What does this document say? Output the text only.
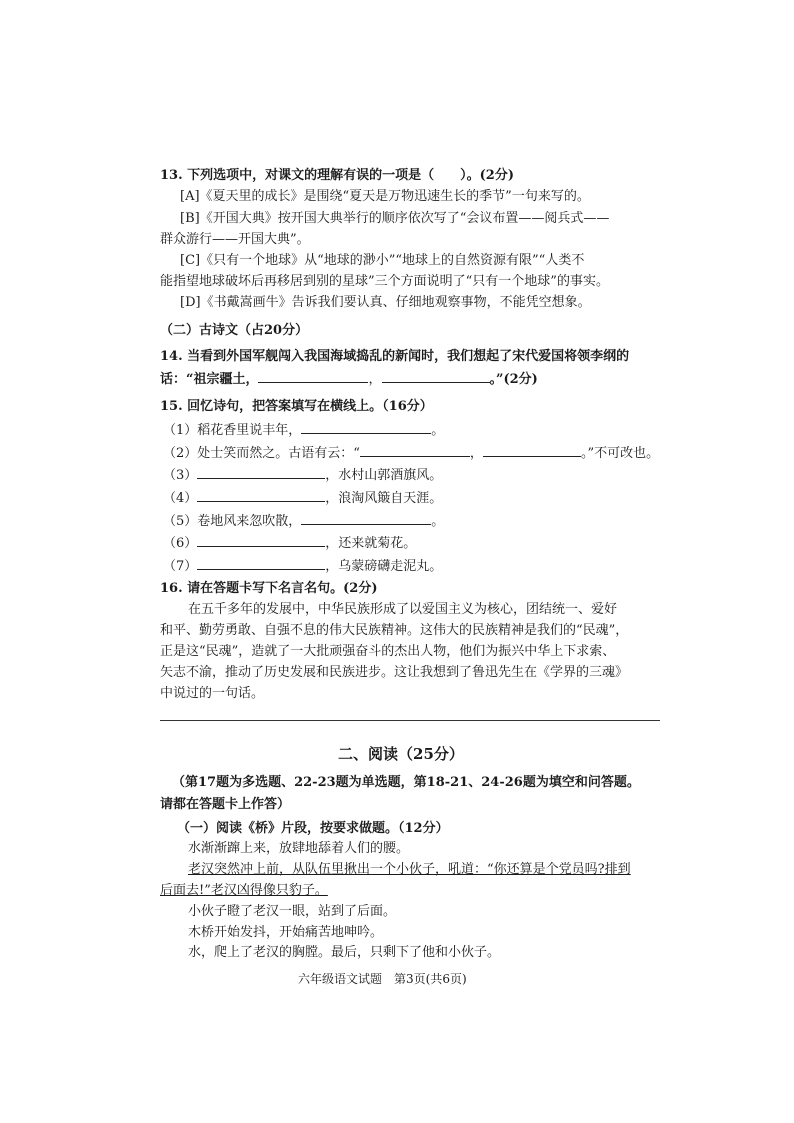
13. 下列选项中，对课文的理解有误的一项是（　　）。(2分)
[A]《夏天里的成长》是围绕“夏天是万物迅速生长的季节”一句来写的。
[B]《开国大典》按开国大典举行的顺序依次写了“会议布置——阅兵式——
群众游行——开国大典”。
[C]《只有一个地球》从“地球的渺小”“地球上的自然资源有限”“人类不
能指望地球破坏后再移居到别的星球”三个方面说明了“只有一个地球”的事实。
[D]《书戴嵩画牛》告诉我们要认真、仔细地观察事物，不能凭空想象。
（二）古诗文（占20分）
14. 当看到外国军舰闯入我国海域捣乱的新闻时，我们想起了宋代爱国将领李纲的
话：“祖宗疆土，	，	。”(2分)
15. 回忆诗句，把答案填写在横线上。（16分）
（1）稻花香里说丰年，	。
（2）处士笑而然之。古语有云：“	，	。”不可改也。
（3）	，水村山郭酒旗风。
（4）	，浪淘风簸自天涯。
（5）卷地风来忽吹散，	。
（6）	，还来就菊花。
（7）	，乌蒙磅礴走泥丸。
16. 请在答题卡写下名言名句。(2分)
在五千多年的发展中，中华民族形成了以爱国主义为核心，团结统一、爱好
和平、勤劳勇敢、自强不息的伟大民族精神。这伟大的民族精神是我们的“民魂”，
正是这“民魂”，造就了一大批顽强奋斗的杰出人物，他们为振兴中华上下求索、
矢志不渝，推动了历史发展和民族进步。这让我想到了鲁迅先生在《学界的三魂》
中说过的一句话。
二、阅读（25分）
（第17题为多选题、22-23题为单选题，第18-21、24-26题为填空和问答题。
请都在答题卡上作答）
（一）阅读《桥》片段，按要求做题。（12分）
水渐渐蹿上来，放肆地舔着人们的腰。
老汉突然冲上前，从队伍里揪出一个小伙子，吼道：“你还算是个党员吗?排到
后面去!”老汉凶得像只豹子。
小伙子瞪了老汉一眼，站到了后面。
木桥开始发抖，开始痛苦地呻吟。
水，爬上了老汉的胸膛。最后，只剩下了他和小伙子。
六年级语文试题　第3页(共6页)
